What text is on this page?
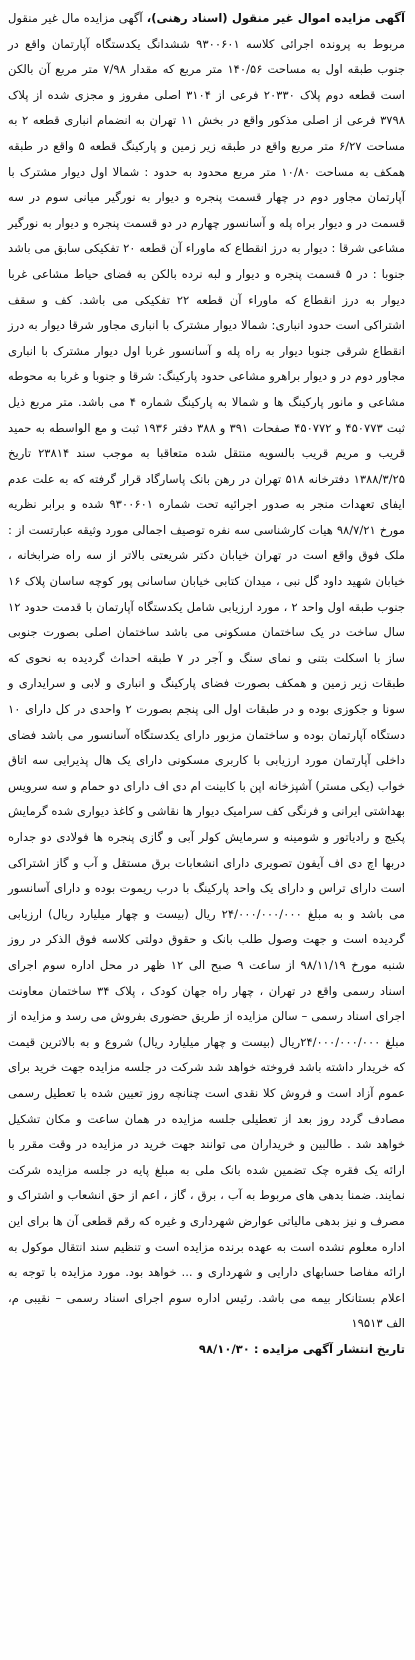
آگهی مزایده اموال غیر منقول (اسناد رهنی)، آگهی مزایده مال غیر منقول مربوط به پرونده اجرائی کلاسه ۹۳۰۰۶۰۱ ششدانگ یکدستگاه آپارتمان واقع در جنوب طبقه اول به مساحت ۱۴۰/۵۶ متر مربع که مقدار ۷/۹۸ متر مربع آن بالکن است قطعه دوم پلاک ۲۰۳۳۰ فرعی از ۳۱۰۴ اصلی مفروز و مجزی شده از پلاک ۳۷۹۸ فرعی از اصلی مذکور واقع در بخش ۱۱ تهران به انضمام انباری قطعه ۲ به مساحت ۶/۲۷ متر مربع واقع در طبقه زیر زمین و پارکینگ قطعه ۵ واقع در طبقه همکف به مساحت ۱۰/۸۰ متر مربع محدود به حدود : شمالا اول دیوار مشترک با آپارتمان مجاور دوم در چهار قسمت پنجره و دیوار به نورگیر میانی سوم در سه قسمت در و دیوار براه پله و آسانسور چهارم در دو قسمت پنجره و دیوار به نورگیر مشاعی شرقا : دیوار به درز انقطاع که ماوراء آن قطعه ۲۰ تفکیکی سابق می باشد جنوبا : در ۵ قسمت پنجره و دیوار و لبه نرده بالکن به فضای حیاط مشاعی غربا دیوار به درز انقطاع که ماوراء آن قطعه ۲۲ تفکیکی می باشد. کف و سقف اشتراکی است حدود انباری: شمالا دیوار مشترک با انباری مجاور شرقا دیوار به درز انقطاع شرقی جنوبا دیوار به راه پله و آسانسور غربا اول دیوار مشترک با انباری مجاور دوم در و دیوار براهرو مشاعی حدود پارکینگ: شرقا و جنوبا و غربا به محوطه مشاعی و مانور پارکینگ ها و شمالا به پارکینگ شماره ۴ می باشد. متر مربع ذیل ثبت ۴۵۰۷۷۳ و ۴۵۰۷۷۲ صفحات ۳۹۱ و ۳۸۸ دفتر ۱۹۳۶ ثبت و مع الواسطه به حمید قریب و مریم قریب بالسویه منتقل شده متعاقبا به موجب سند ۲۳۸۱۴ تاریخ ۱۳۸۸/۳/۲۵ دفترخانه ۵۱۸ تهران در رهن بانک پاسارگاد قرار گرفته که به علت عدم ایفای تعهدات منجر به صدور اجرائیه تحت شماره ۹۳۰۰۶۰۱ شده و برابر نظریه مورخ ۹۸/۷/۲۱ هیات کارشناسی سه نفره توصیف اجمالی مورد وثیقه عبارتست از : ملک فوق واقع است در تهران خیابان دکتر شریعتی بالاتر از سه راه ضرابخانه ، خیابان شهید داود گل نبی ، میدان کتابی خیابان ساسانی پور کوچه ساسان پلاک ۱۶ جنوب طبقه اول واحد ۲ ، مورد ارزیابی شامل یکدستگاه آپارتمان با قدمت حدود ۱۲ سال ساخت در یک ساختمان مسکونی می باشد ساختمان اصلی بصورت جنوبی ساز با اسکلت بتنی و نمای سنگ و آجر در ۷ طبقه احداث گردیده به نحوی که طبقات زیر زمین و همکف بصورت فضای پارکینگ و انباری و لابی و سرایداری و سونا و جکوزی بوده و در طبقات اول الی پنجم بصورت ۲ واحدی در کل دارای ۱۰ دستگاه آپارتمان بوده و ساختمان مزبور دارای یکدستگاه آسانسور می باشد فضای داخلی آپارتمان مورد ارزیابی با کاربری مسکونی دارای یک هال پذیرایی سه اتاق خواب (یکی مستر) آشپزخانه اپن با کابینت ام دی اف دارای دو حمام و سه سرویس بهداشتی ایرانی و فرنگی کف سرامیک دیوار ها نقاشی و کاغذ دیواری شده گرمایش پکیج و رادیاتور و شومینه و سرمایش کولر آبی و گازی پنجره ها فولادی دو جداره دربها اچ دی اف آیفون تصویری دارای انشعابات برق مستقل و آب و گاز اشتراکی است دارای تراس و دارای یک واحد پارکینگ با درب ریموت بوده و دارای آسانسور می باشد و به مبلغ ۲۴/۰۰۰/۰۰۰/۰۰۰ ریال (بیست و چهار میلیارد ریال) ارزیابی گردیده است و جهت وصول طلب بانک و حقوق دولتی کلاسه فوق الذکر در روز شنبه مورخ ۹۸/۱۱/۱۹ از ساعت ۹ صبح الی ۱۲ ظهر در محل اداره سوم اجرای اسناد رسمی واقع در تهران ، چهار راه جهان کودک ، پلاک ۳۴ ساختمان معاونت اجرای اسناد رسمی – سالن مزایده از طریق حضوری بفروش می رسد و مزایده از مبلغ ۲۴/۰۰۰/۰۰۰/۰۰۰ریال (بیست و چهار میلیارد ریال) شروع و به بالاترین قیمت که خریدار داشته باشد فروخته خواهد شد شرکت در جلسه مزایده جهت خرید برای عموم آزاد است و فروش کلا نقدی است چنانچه روز تعیین شده با تعطیل رسمی مصادف گردد روز بعد از تعطیلی جلسه مزایده در همان ساعت و مکان تشکیل خواهد شد . طالبین و خریداران می توانند جهت خرید در مزایده در وقت مقرر با ارائه یک فقره چک تضمین شده بانک ملی به مبلغ پایه در جلسه مزایده شرکت نمایند. ضمنا بدهی های مربوط به آب ، برق ، گاز ، اعم از حق انشعاب و اشتراک و مصرف و نیز بدهی مالیاتی عوارض شهرداری و غیره که رقم قطعی آن ها برای این اداره معلوم نشده است به عهده برنده مزایده است و تنظیم سند انتقال موکول به ارائه مفاصا حسابهای دارایی و شهرداری و ... خواهد بود. مورد مزایده با توجه به اعلام بستانکار بیمه می باشد. رئیس اداره سوم اجرای اسناد رسمی – نقیبی م، الف ۱۹۵۱۳
تاریخ انتشار آگهی مزایده : ۹۸/۱۰/۳۰
